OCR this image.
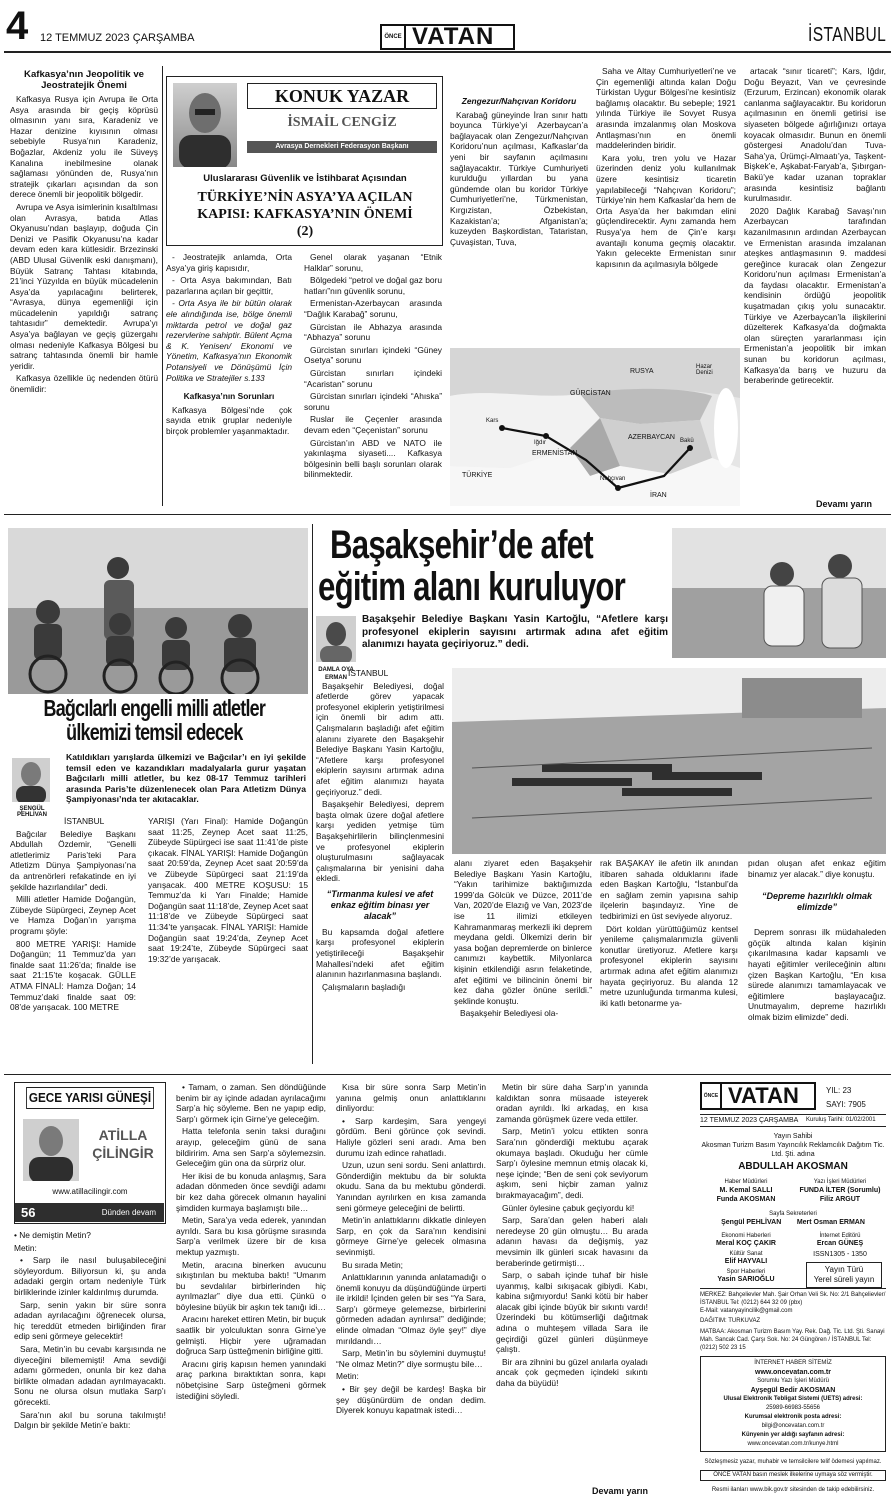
4 12 TEMMUZ 2023 ÇARŞAMBA	ÖNCE VATAN	İSTANBUL

Kafkasya’nın Jeopolitik ve Jeostratejik Önemi

Kafkasya Rusya için Avrupa ile Orta Asya arasında bir geçiş köprüsü olmasının yanı sıra, Karadeniz ve Hazar denizine kıyısının olması sebebiyle Rusya’nın Karadeniz, Boğazlar, Akdeniz yolu ile Süveyş Kanalına inebilmesine olanak sağlaması yönünden de, Rusya’nın stratejik çıkarları açısından da son derece önemli bir jeopolitik bölgedir.

Avrupa ve Asya isimlerinin kısaltılması olan Avrasya, batıda Atlas Okyanusu’ndan başlayıp, doğuda Çin Denizi ve Pasifik Okyanusu’na kadar devam eden kara kütlesidir. Brzezinski (ABD Ulusal Güvenlik eski danışmanı), Büyük Satranç Tahtası kitabında, 21’inci Yüzyılda en büyük mücadelenin Asya’da yapılacağını belirterek, “Avrasya, dünya egemenliği için mücadelenin yapıldığı satranç tahtasıdır” demektedir. Avrupa’yı Asya’ya bağlayan ve geçiş güzergahı olması nedeniyle Kafkasya Bölgesi bu satranç tahtasında önemli bir hamle yeridir.

Kafkasya özellikle üç nedenden ötürü önemlidir:

KONUK YAZAR
İSMAİL CENGİZ
Avrasya Dernekleri Federasyon Başkanı
Uluslararası Güvenlik ve İstihbarat Açısından
TÜRKİYE’NİN ASYA’YA AÇILAN KAPISI: KAFKASYA’NIN ÖNEMİ (2)

- Jeostratejik anlamda, Orta Asya’ya giriş kapısıdır,

- Orta Asya bakımından, Batı pazarlarına açılan bir geçittir,

- Orta Asya ile bir bütün olarak ele alındığında ise, bölge önemli miktarda petrol ve doğal gaz rezervlerine sahiptir. Bülent Açma & K. Yenisen/ Ekonomi ve Yönetim, Kafkasya’nın Ekonomik Potansiyeli ve Dönüşümü İçin Politika ve Stratejiler s.133

Kafkasya’nın Sorunları

Kafkasya Bölgesi’nde çok sayıda etnik gruplar nedeniyle birçok problemler yaşanmaktadır.

Genel olarak yaşanan “Etnik Halklar” sorunu,

Bölgedeki “petrol ve doğal gaz boru hatları”nın güvenlik sorunu,

Ermenistan-Azerbaycan arasında “Dağlık Karabağ” sorunu,

Gürcistan ile Abhazya arasında “Abhazya” sorunu

Gürcistan sınırları içindeki “Güney Osetya” sorunu

Gürcistan sınırları içindeki “Acaristan” sorunu

Gürcistan sınırları içindeki “Ahıska” sorunu

Ruslar ile Çeçenler arasında devam eden “Çeçenistan” sorunu

Gürcistan’ın ABD ve NATO ile yakınlaşma siyaseti.... Kafkasya bölgesinin belli başlı sorunları olarak bilinmektedir.

Zengezur/Nahçıvan Koridoru

Karabağ güneyinde İran sınır hattı boyunca Türkiye’yi Azerbaycan’a bağlayacak olan Zengezur/Nahçıvan Koridoru’nun açılması, Kafkaslar’da yeni bir sayfanın açılmasını sağlayacaktır. Türkiye Cumhuriyeti kurulduğu yıllardan bu yana gündemde olan bu koridor Türkiye Cumhuriyetleri’ne, Türkmenistan, Kırgızistan, Özbekistan, Kazakistan’a; Afganistan’a; kuzeyden Başkordistan, Tataristan, Çuvaşistan, Tuva,

Saha ve Altay Cumhuriyetleri’ne ve Çin egemenliği altında kalan Doğu Türkistan Uygur Bölgesi’ne kesintisiz bağlamış olacaktır. Bu sebeple; 1921 yılında Türkiye ile Sovyet Rusya arasında imzalanmış olan Moskova Antlaşması’nın en önemli maddelerinden biridir.

Kara yolu, tren yolu ve Hazar üzerinden deniz yolu kullanılmak üzere kesintisiz ticaretin yapılabileceği “Nahçıvan Koridoru”; Türkiye’nin hem Kafkaslar’da hem de Orta Asya’da her bakımdan elini güçlendirecektir. Aynı zamanda hem Rusya’ya hem de Çin’e karşı avantajlı konuma geçmiş olacaktır. Yakın gelecekte Ermenistan sınır kapısının da açılmasıyla bölgede

artacak “sınır ticareti”; Kars, Iğdır, Doğu Beyazıt, Van ve çevresinde (Erzurum, Erzincan) ekonomik olarak canlanma sağlayacaktır. Bu koridorun açılmasının en önemli getirisi ise siyaseten bölgede ağırlığınızı ortaya koyacak olmasıdır. Bunun en önemli göstergesi Anadolu’dan Tuva-Saha’ya, Ürümçi-Almaatı’ya, Taşkent-Bişkek’e, Aşkabat-Faryab’a, Şıbırgan-Bakü’ye kadar uzanan topraklar arasında kesintisiz bağlantı kurulmasıdır.

2020 Dağlık Karabağ Savaşı’nın Azerbaycan tarafından kazanılmasının ardından Azerbaycan ve Ermenistan arasında imzalanan ateşkes antlaşmasının 9. maddesi gereğince kuracak olan Zengezur Koridoru’nun açılması Ermenistan’a da faydası olacaktır. Ermenistan’a kendisinin ördüğü jeopolitik kuşatmadan çıkış yolu sunacaktır. Türkiye ve Azerbaycan’la ilişkilerini düzelterek Kafkasya’da doğmakta olan süreçten yararlanması için Ermenistan’a jeopolitik bir imkan sunan bu koridorun açılması, Kafkasya’da barış ve huzuru da beraberinde getirecektir.

Devamı yarın
RUSYA
GÜRCİSTAN
Hazar Denizi
AZERBAYCAN
ERMENİSTAN
TÜRKİYE
İRAN
Kars
Iğdır	Bakü
Nahçıvan
Bağcılarlı engelli milli atletler ülkemizi temsil edecek
Katıldıkları yarışlarda ülkemizi ve Bağcılar’ı en iyi şekilde temsil eden ve kazandıkları madalyalarla gurur yaşatan Bağcılarlı milli atletler, bu kez 08-17 Temmuz tarihleri arasında Paris’te düzenlenecek olan Para Atletizm Dünya Şampiyonası’nda ter akıtacaklar.
ŞENGÜL PEHLİVAN

İSTANBUL

Bağcılar Belediye Başkanı Abdullah Özdemir, “Genelli atletlerimiz Paris’teki Para Atletizm Dünya Şampiyonası’na da antrenörleri refakatinde en iyi şekilde hazırlandılar” dedi.

Milli atletler Hamide Doğangün, Zübeyde Süpürgeci, Zeynep Acet ve Hamza Doğan’ın yarışma programı şöyle:

800 METRE YARIŞI: Hamide Doğangün; 11 Temmuz’da yarı finalde saat 11:26’da; finalde ise saat 21:15’te koşacak. GÜLLE ATMA FİNALİ: Hamza Doğan; 14 Temmuz’daki finalde saat 09: 08’de yarışacak. 100 METRE

YARIŞI (Yarı Final): Hamide Doğangün saat 11:25, Zeynep Acet saat 11:25, Zübeyde Süpürgeci ise saat 11:41’de piste çıkacak. FİNAL YARIŞI: Hamide Doğangün saat 20:59’da, Zeynep Acet saat 20:59’da ve Zübeyde Süpürgeci saat 21:19’da yarışacak. 400 METRE KOŞUSU: 15 Temmuz’da ki Yarı Finalde; Hamide Doğangün saat 11:18’de, Zeynep Acet saat 11:18’de ve Zübeyde Süpürgeci saat 11:34’te yarışacak. FİNAL YARIŞI: Hamide Doğangün saat 19:24’da, Zeynep Acet saat 19:24’te, Zübeyde Süpürgeci saat 19:32’de yarışacak.

Başakşehir’de afet
eğitim alanı kuruluyor
Başakşehir Belediye Başkanı Yasin Kartoğlu, “Afetlere karşı profesyonel ekiplerin sayısını artırmak adına afet eğitim alanımızı hayata geçiriyoruz.” dedi.
DAMLA OYA ERMAN İSTANBUL

Başakşehir Belediyesi, doğal afetlerde görev yapacak profesyonel ekiplerin yetiştirilmesi için önemli bir adım attı. Çalışmaların başladığı afet eğitim alanını ziyarete den Başakşehir Belediye Başkanı Yasin Kartoğlu, “Afetlere karşı profesyonel ekiplerin sayısını artırmak adına afet eğitim alanımızı hayata geçiriyoruz.” dedi.

Başakşehir Belediyesi, deprem başta olmak üzere doğal afetlere karşı yediden yetmişe tüm Başakşehirlilerin bilinçlenmesini ve profesyonel ekiplerin oluşturulmasını sağlayacak çalışmalarına bir yenisini daha ekledi.

“Tırmanma kulesi ve afet enkaz eğitim binası yer alacak”

Bu kapsamda doğal afetlere karşı profesyonel ekiplerin yetiştirileceği Başakşehir Mahallesi’ndeki afet eğitim alanının hazırlanmasına başlandı.

Çalışmaların başladığı

alanı ziyaret eden Başakşehir Belediye Başkanı Yasin Kartoğlu, “Yakın tarihimize baktığımızda 1999’da Gölcük ve Düzce, 2011’de Van, 2020’de Elazığ ve Van, 2023’de ise 11 ilimizi etkileyen Kahramanmaraş merkezli iki deprem meydana geldi. Ülkemizi derin bir yasa boğan depremlerde on binlerce canımızı kaybettik. Milyonlarca kişinin etkilendiği asrın felaketinde, afet eğitimi ve bilincinin önemi bir kez daha gözler önüne serildi.” şeklinde konuştu.

Başakşehir Belediyesi ola-

rak BAŞAKAY ile afetin ilk anından itibaren sahada olduklarını ifade eden Başkan Kartoğlu, “İstanbul’da en sağlam zemin yapısına sahip ilçelerin başındayız. Yine de tedbirimizi en üst seviyede alıyoruz.

Dört koldan yürüttüğümüz kentsel yenileme çalışmalarımızla güvenli konutlar üretiyoruz. Afetlere karşı profesyonel ekiplerin sayısını artırmak adına afet eğitim alanımızı hayata geçiriyoruz. Bu alanda 12 metre uzunluğunda tırmanma kulesi, iki katlı betonarme ya-

pıdan oluşan afet enkaz eğitim binamız yer alacak.” diye konuştu.

“Depreme hazırlıklı olmak elimizde”

Deprem sonrası ilk müdahaleden göçük altında kalan kişinin çıkarılmasına kadar kapsamlı ve hayati eğitimler verileceğinin altını çizen Başkan Kartoğlu, “En kısa sürede alanımızı tamamlayacak ve eğitimlere başlayacağız. Unutmayalım, depreme hazırlıklı olmak bizim elimizde” dedi.

GECE YARISI GÜNEŞİ
ATİLLA
ÇİLİNGİR
www.atillacilingir.com
56	Dünden devam

• Ne demiştin Metin?

Metin:

• Sarp ile nasıl buluşabileceğini söyleyordum. Biliyorsun ki, şu anda adadaki gergin ortam nedeniyle Türk birliklerinde izinler kaldırılmış durumda.

Sarp, senin yakın bir süre sonra adadan ayrılacağını öğrenecek olursa, hiç tereddüt etmeden birliğinden firar edip seni görmeye gelecektir!

Sara, Metin’in bu cevabı karşısında ne diyeceğini bilememişti! Ama sevdiği adamı görmeden, onunla bir kez daha birlikte olmadan adadan ayrılmayacaktı. Sonu ne olursa olsun mutlaka Sarp’ı görecekti.

Sara’nın akıl bu soruna takılmıştı! Dalgın bir şekilde Metin’e baktı:

• Tamam, o zaman. Sen döndüğünde benim bir ay içinde adadan ayrılacağımı Sarp’a hiç söyleme. Ben ne yapıp edip, Sarp’ı görmek için Girne’ye geleceğim.

Hatta telefonla senin taksi durağını arayıp, geleceğim günü de sana bildiririm. Ama sen Sarp’a söylemezsin. Geleceğim gün ona da sürpriz olur.

Her ikisi de bu konuda anlaşmış, Sara adadan dönmeden önce sevdiği adamı bir kez daha görecek olmanın hayalini şimdiden kurmaya başlamıştı bile…

Metin, Sara’ya veda ederek, yanından ayrıldı. Sara bu kısa görüşme sırasında Sarp’a verilmek üzere bir de kısa mektup yazmıştı.

Metin, aracına binerken avucunu sıkıştırılan bu mektuba baktı! “Umarım bu sevdalılar birbirlerinden hiç ayrılmazlar” diye dua etti. Çünkü o böylesine büyük bir aşkın tek tanığı idi…

Aracını hareket ettiren Metin, bir buçuk saatlik bir yolculuktan sonra Girne’ye gelmişti. Hiçbir yere uğramadan doğruca Sarp üstteğmenin birliğine gitti.

Aracını giriş kapısın hemen yanındaki araç parkına bıraktıktan sonra, kapı nöbetçisine Sarp üsteğmeni görmek istediğini söyledi.

Kısa bir süre sonra Sarp Metin’in yanına gelmiş onun anlattıklarını dinliyordu:

• Sarp kardeşim, Sara yengeyi gördüm. Beni görünce çok sevindi. Haliyle gözleri seni aradı. Ama ben durumu izah edince rahatladı.

Uzun, uzun seni sordu. Seni anlattırdı. Gönderdiğin mektubu da bir solukta okudu. Sana da bu mektubu gönderdi. Yanından ayrılırken en kısa zamanda seni görmeye geleceğini de belirtti.

Metin’in anlattıklarını dikkatle dinleyen Sarp, en çok da Sara’nın kendisini görmeye Girne’ye gelecek olmasına sevinmişti.

Bu sırada Metin;

Anlattıklarının yanında anlatamadığı o önemli konuyu da düşündüğünde ürperti ile irkildi! İçinden gelen bir ses “Ya Sara, Sarp’ı görmeye gelemezse, birbirlerini görmeden adadan ayrılırsa!” dediğinde; elinde olmadan “Olmaz öyle şey!” diye mırıldandı…

Sarp, Metin’in bu söylemini duymuştu! “Ne olmaz Metin?” diye sormuştu bile…

Metin:

• Bir şey değil be kardeş! Başka bir şey düşünürdüm de ondan dedim. Diyerek konuyu kapatmak istedi…

Metin bir süre daha Sarp’ın yanında kaldıktan sonra müsaade isteyerek oradan ayrıldı. İki arkadaş, en kısa zamanda görüşmek üzere veda ettiler.

Sarp, Metin’i yolcu ettikten sonra Sara’nın gönderdiği mektubu açarak okumaya başladı. Okuduğu her cümle Sarp’ı öylesine memnun etmiş olacak ki, neşe içinde; “Ben de seni çok seviyorum aşkım, seni hiçbir zaman yalnız bırakmayacağım”, dedi.

Günler öylesine çabuk geçiyordu ki!

Sarp, Sara’dan gelen haberi alalı neredeyse 20 gün olmuştu… Bu arada adanın havası da değişmiş, yaz mevsimin ilk günleri sıcak havasını da beraberinde getirmişti…

Sarp, o sabah içinde tuhaf bir hisle uyanmış, kalbi sıkışacak gibiydi. Kabı, kabina sığmıyordu! Sanki kötü bir haber alacak gibi içinde büyük bir sıkıntı vardı! Üzerindeki bu kötümserliği dağıtmak adına o muhteşem villada Sara ile geçirdiği güzel günleri düşünmeye çalıştı.

Bir ara zihnini bu güzel anılarla oyaladı ancak çok geçmeden içindeki sıkıntı daha da büyüdü!

Devamı yarın
ÖNCE VATAN	YIL: 23
SAYI: 7905
12 TEMMUZ 2023 ÇARŞAMBA Kuruluş Tarihi: 01/02/2001
Yayın Sahibi
Akosman Turizm Basım Yayıncılık Reklamcılık Dağıtım Tic. Ltd. Şti. adına
ABDULLAH AKOSMAN
Haber Müdürleri
M. Kemal SALLI
Funda AKOSMAN
Yazı İşleri Müdürleri
FUNDA İLTER (Sorumlu)
Filiz ARGUT
Sayfa Sekreterleri
Şengül PEHLİVAN        Mert Osman ERMAN
Ekonomi Haberleri
Meral KOÇ ÇAKIR
İnternet Editörü
Ercan GÜNEŞ
Kültür Sanat
Elif HAYVALI
ISSN1305 - 1350
Spor Haberleri
Yasin SARIOĞLU
Yayın Türü
Yerel süreli yayın
MERKEZ: Bahçelievler Mah. Şair Orhan Veli Sk. No: 2/1 Bahçelievler/İSTANBUL Tel: (0212) 644 32 09 (pbx)
E-Mail: vatanyayincilik@gmail.com
DAĞITIM: TURKUVAZ
MATBAA: Akosman Turizm Basım Yay. Rek. Dağ. Tic. Ltd. Şti. Sanayi Mah. Sancak Cad. Çarşı Sok. No: 24 Güngören / İSTANBUL Tel: (0212) 502 23 15
İNTERNET HABER SİTEMİZ
www.oncevatan.com.tr
Sorumlu Yazı İşleri Müdürü
Ayşegül Bedir AKOSMAN
Ulusal Elektronik Tebligat Sistemi (UETS) adresi:
25989-66983-55656
Kurumsal elektronik posta adresi:
bilgi@oncevatan.com.tr
Künyenin yer aldığı sayfanın adresi:
www.oncevatan.com.tr/kunye.html
Sözleşmesiz yazar, muhabir ve temsilcilere telif ödemesi yapılmaz.
ÖNCE VATAN basın meslek ilkelerine uymaya söz vermiştir.
Resmi ilanları www.bik.gov.tr sitesinden de takip edebilirsiniz.
